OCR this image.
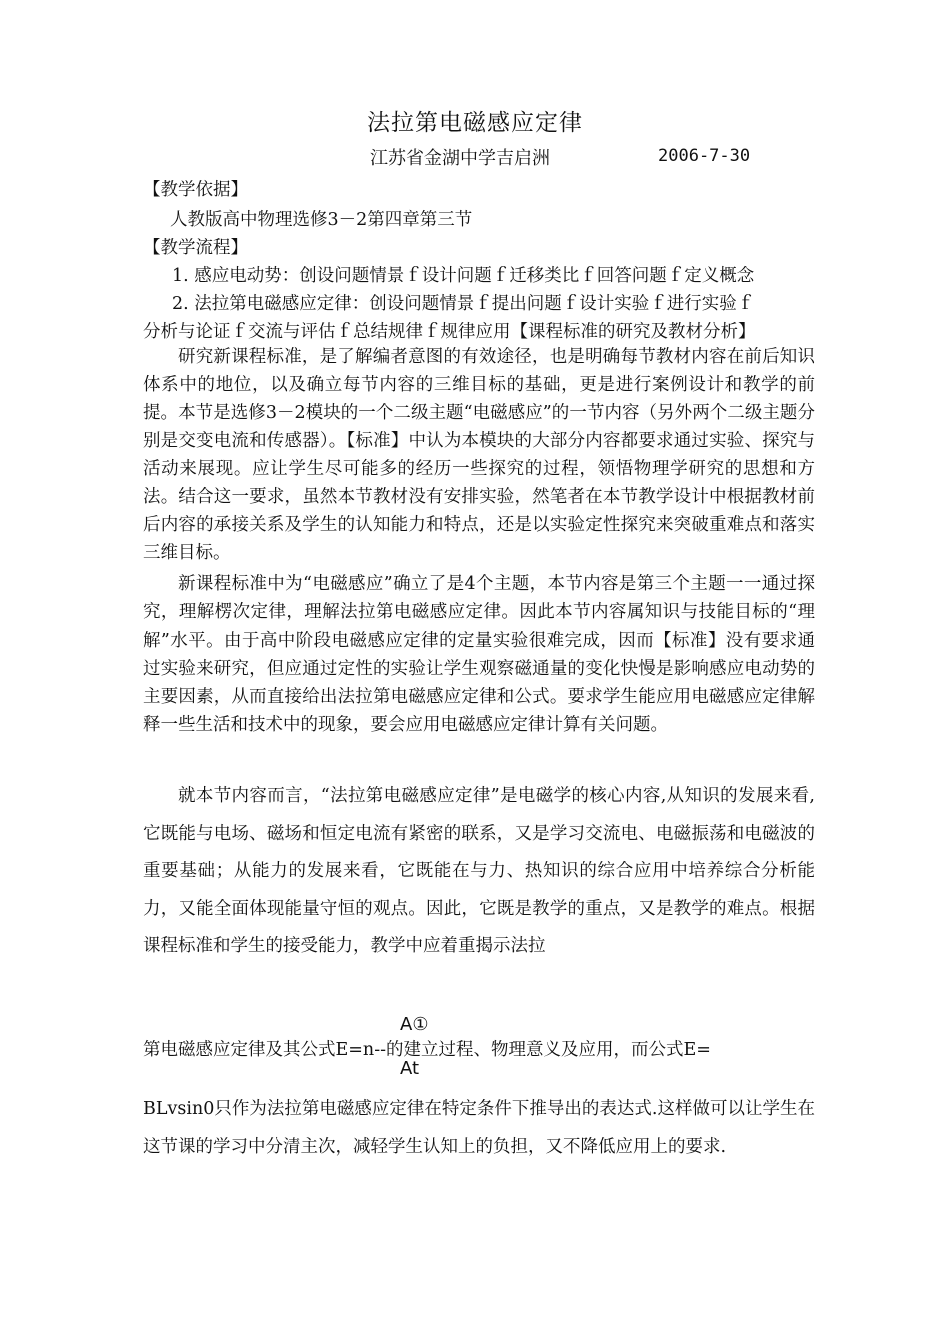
法拉第电磁感应定律
江苏省金湖中学吉启洲	2006-7-30
【教学依据】
人教版高中物理选修3－2第四章第三节
【教学流程】
1. 感应电动势：创设问题情景ｆ设计问题ｆ迁移类比ｆ回答问题ｆ定义概念
2. 法拉第电磁感应定律：创设问题情景ｆ提出问题ｆ设计实验ｆ进行实验ｆ
分析与论证ｆ交流与评估ｆ总结规律ｆ规律应用【课程标准的研究及教材分析】
研究新课程标准，是了解编者意图的有效途径，也是明确每节教材内容在前后知识体系中的地位，以及确立每节内容的三维目标的基础，更是进行案例设计和教学的前提。本节是选修3－2模块的一个二级主题“电磁感应”的一节内容（另外两个二级主题分别是交变电流和传感器）。【标准】中认为本模块的大部分内容都要求通过实验、探究与活动来展现。应让学生尽可能多的经历一些探究的过程，领悟物理学研究的思想和方法。结合这一要求，虽然本节教材没有安排实验，然笔者在本节教学设计中根据教材前后内容的承接关系及学生的认知能力和特点，还是以实验定性探究来突破重难点和落实三维目标。
新课程标准中为“电磁感应”确立了是4个主题，本节内容是第三个主题一一通过探究，理解楞次定律，理解法拉第电磁感应定律。因此本节内容属知识与技能目标的“理解”水平。由于高中阶段电磁感应定律的定量实验很难完成，因而【标准】没有要求通过实验来研究，但应通过定性的实验让学生观察磁通量的变化快慢是影响感应电动势的主要因素，从而直接给出法拉第电磁感应定律和公式。要求学生能应用电磁感应定律解释一些生活和技术中的现象，要会应用电磁感应定律计算有关问题。
就本节内容而言，“法拉第电磁感应定律”是电磁学的核心内容,从知识的发展来看,它既能与电场、磁场和恒定电流有紧密的联系，又是学习交流电、电磁振荡和电磁波的重要基础；从能力的发展来看，它既能在与力、热知识的综合应用中培养综合分析能力，又能全面体现能量守恒的观点。因此，它既是教学的重点，又是教学的难点。根据课程标准和学生的接受能力，教学中应着重揭示法拉
A①
第电磁感应定律及其公式E=n--的建立过程、物理意义及应用，而公式E=
At
BLvsin0只作为法拉第电磁感应定律在特定条件下推导出的表达式.这样做可以让学生在这节课的学习中分清主次，减轻学生认知上的负担，又不降低应用上的要求.
